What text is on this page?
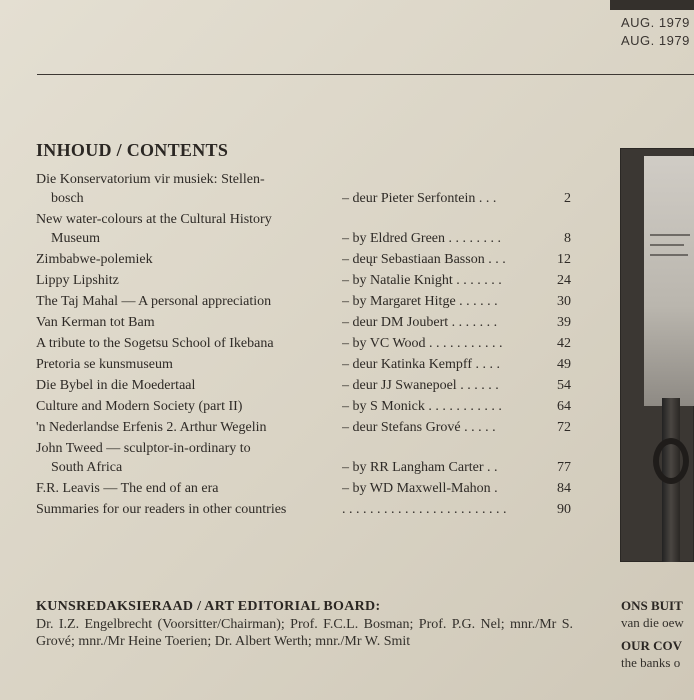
AUG. 1979
AUG. 1979
INHOUD / CONTENTS
Die Konservatorium vir musiek: Stellen-
bosch	– deur Pieter Serfontein . . .	2
New water-colours at the Cultural History
Museum	– by Eldred Green . . . . . . . .	8
Zimbabwe-polemiek	– deųr Sebastiaan Basson . . .	12
Lippy Lipshitz	– by Natalie Knight . . . . . . .	24
The Taj Mahal — A personal appreciation	– by Margaret Hitge . . . . . .	30
Van Kerman tot Bam	– deur DM Joubert . . . . . . .	39
A tribute to the Sogetsu School of Ikebana	– by VC Wood . . . . . . . . . . .	42
Pretoria se kunsmuseum	– deur Katinka Kempff . . . .	49
Die Bybel in die Moedertaal	– deur JJ Swanepoel . . . . . .	54
Culture and Modern Society (part II)	– by S Monick . . . . . . . . . . .	64
'n Nederlandse Erfenis 2. Arthur Wegelin	– deur Stefans Grové . . . . .	72
John Tweed — sculptor-in-ordinary to
South Africa	– by RR Langham Carter . .	77
F.R. Leavis — The end of an era	– by WD Maxwell-Mahon .	84
Summaries for our readers in other countries	. . . . . . . . . . . . . . . . . . . . . . . .	90
KUNSREDAKSIERAAD / ART EDITORIAL BOARD:
Dr. I.Z. Engelbrecht (Voorsitter/Chairman); Prof. F.C.L. Bosman; Prof. P.G. Nel; mnr./Mr S. Grové; mnr./Mr Heine Toerien; Dr. Albert Werth; mnr./Mr W. Smit
ONS BUIT
van die oew
OUR COV
the banks o
